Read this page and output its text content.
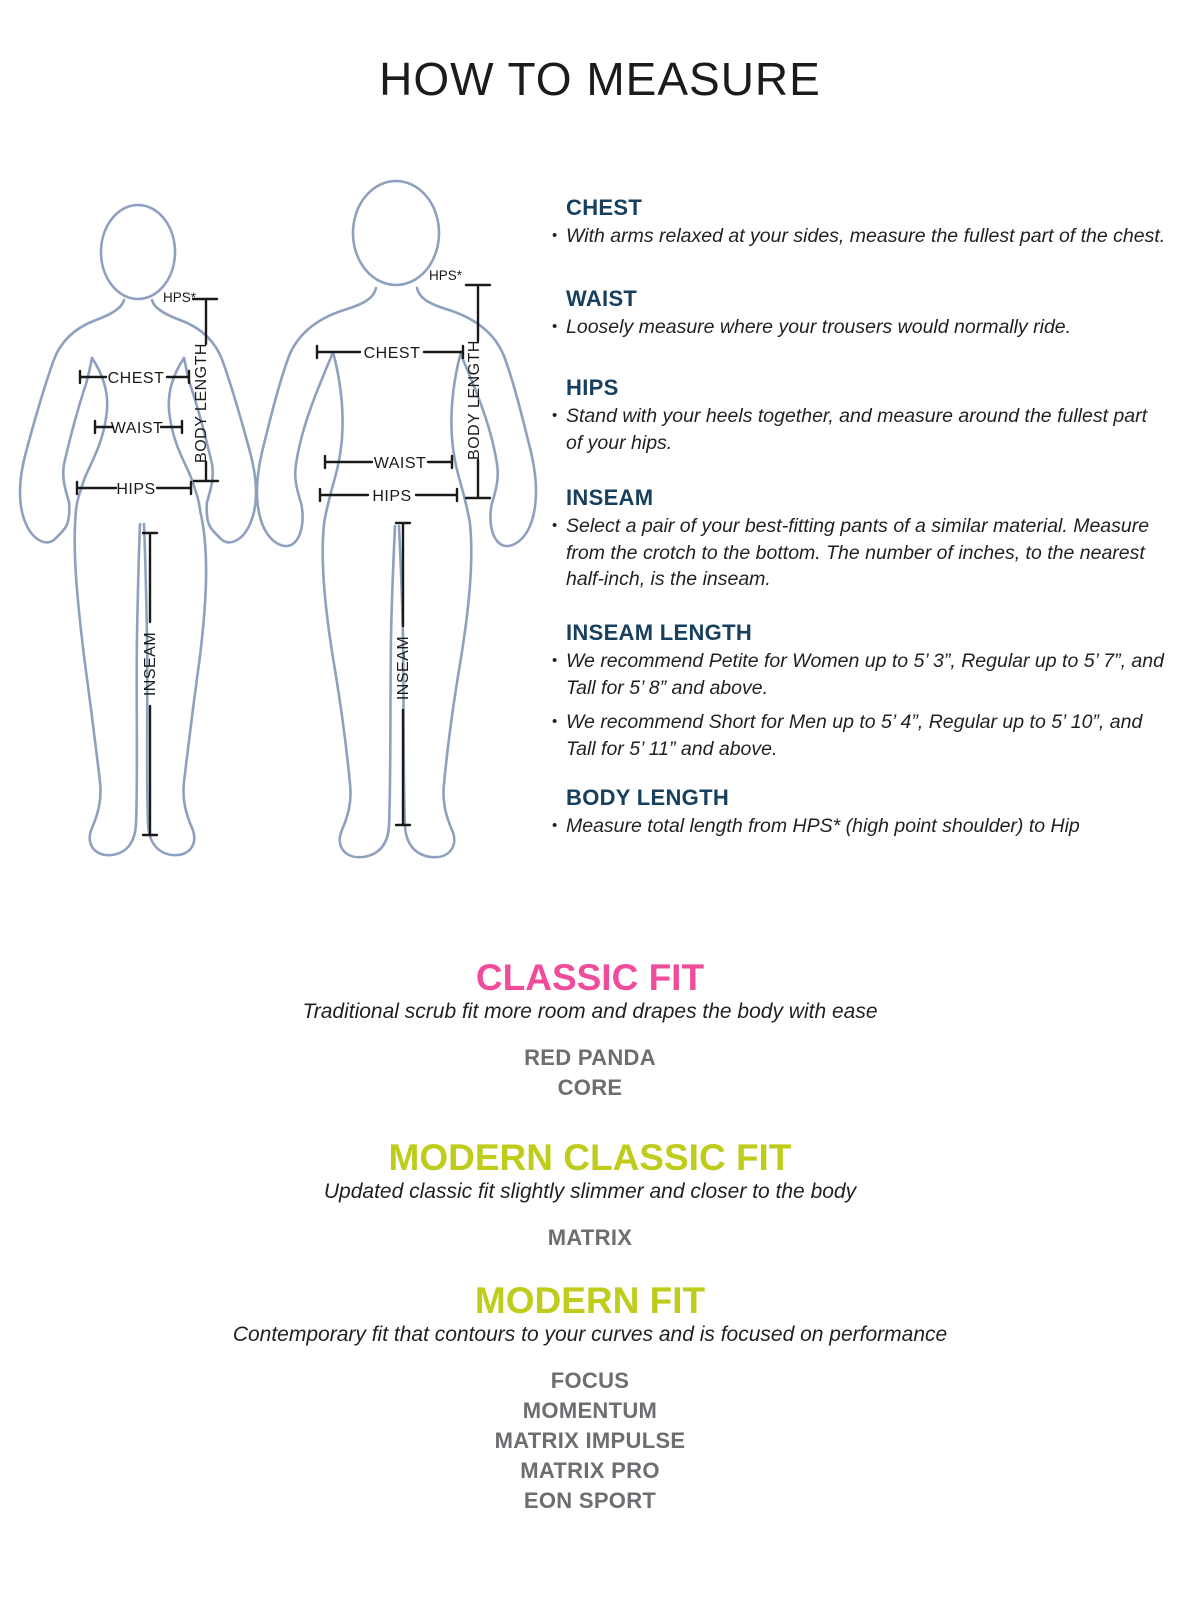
HOW TO MEASURE
HPS*
BODY LENGTH
CHEST
WAIST
HIPS
INSEAM
HPS*
BODY LENGTH
CHEST
WAIST
HIPS
INSEAM
CHEST
• With arms relaxed at your sides, measure the fullest part of the chest.

WAIST
• Loosely measure where your trousers would normally ride.

HIPS
• Stand with your heels together, and measure around the fullest part of your hips.

INSEAM
• Select a pair of your best-fitting pants of a similar material. Measure from the crotch to the bottom. The number of inches, to the nearest half-inch, is the inseam.

INSEAM LENGTH
• We recommend Petite for Women up to 5’ 3”, Regular up to 5’ 7”, and Tall for 5’ 8” and above.

• We recommend Short for Men up to 5’ 4”, Regular up to 5’ 10”, and Tall for 5’ 11” and above.

BODY LENGTH
• Measure total length from HPS* (high point shoulder) to Hip

CLASSIC FIT

Traditional scrub fit more room and drapes the body with ease

RED PANDA
CORE
MODERN CLASSIC FIT

Updated classic fit slightly slimmer and closer to the body

MATRIX
MODERN FIT

Contemporary fit that contours to your curves and is focused on performance

FOCUS
MOMENTUM
MATRIX IMPULSE
MATRIX PRO
EON SPORT
